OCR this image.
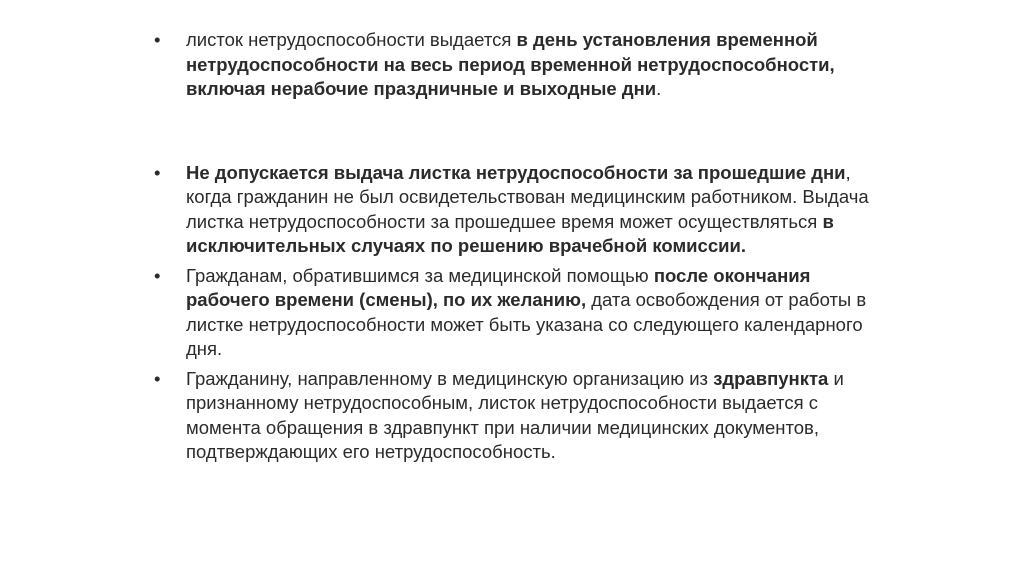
•	листок нетрудоспособности выдается в день установления временной нетрудоспособности на весь период временной нетрудоспособности, включая нерабочие праздничные и выходные дни.
•	Не допускается выдача листка нетрудоспособности за прошедшие дни, когда гражданин не был освидетельствован медицинским работником. Выдача листка нетрудоспособности за прошедшее время может осуществляться в исключительных случаях по решению врачебной комиссии.
•	Гражданам, обратившимся за медицинской помощью после окончания рабочего времени (смены), по их желанию, дата освобождения от работы в листке нетрудоспособности может быть указана со следующего календарного дня.
•	Гражданину, направленному в медицинскую организацию из здравпункта и признанному нетрудоспособным, листок нетрудоспособности выдается с момента обращения в здравпункт при наличии медицинских документов, подтверждающих его нетрудоспособность.
